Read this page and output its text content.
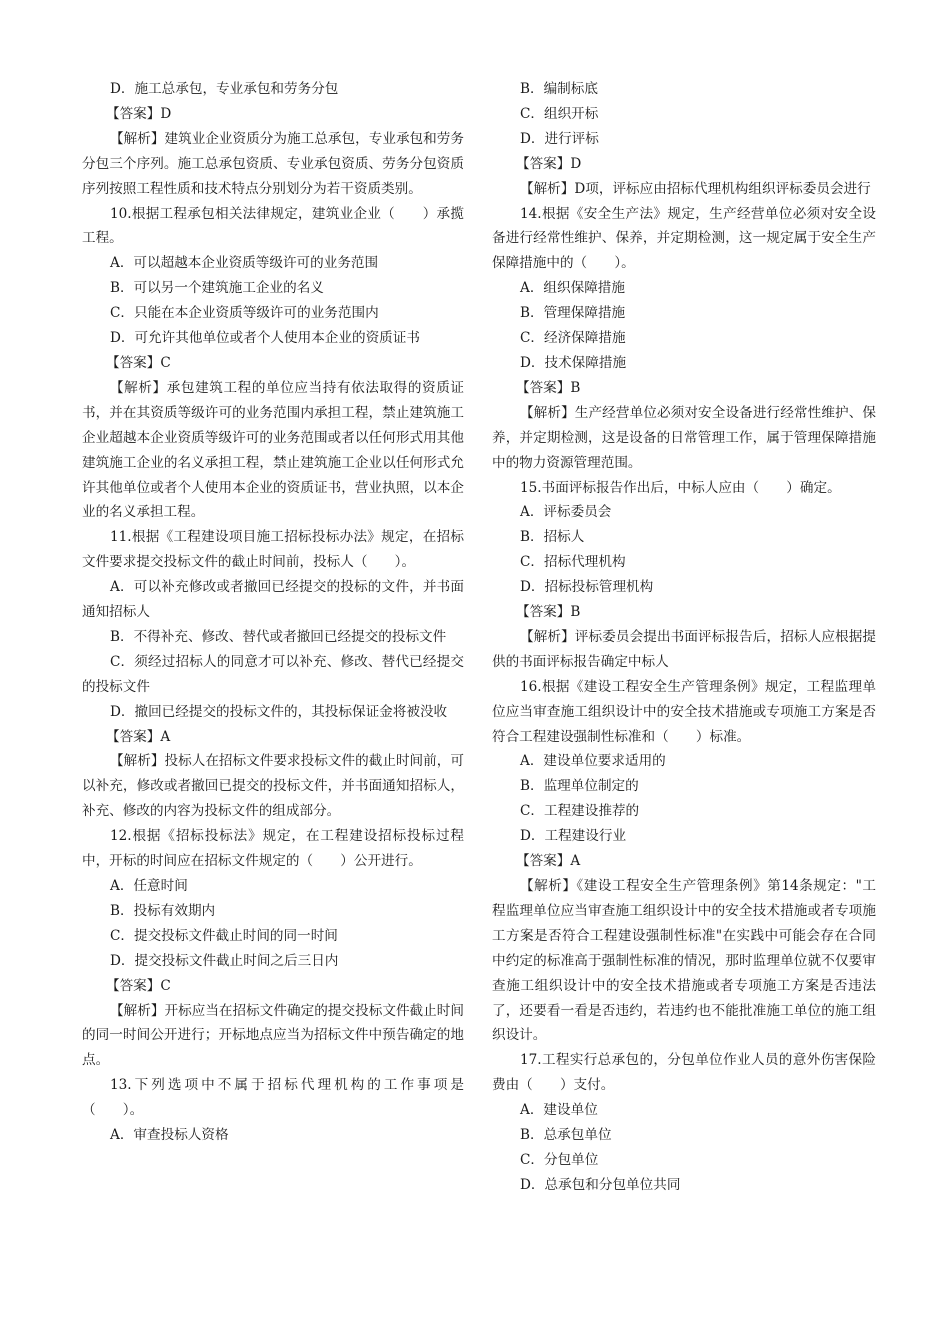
D．施工总承包，专业承包和劳务分包
【答案】D
【解析】建筑业企业资质分为施工总承包，专业承包和劳务分包三个序列。施工总承包资质、专业承包资质、劳务分包资质序列按照工程性质和技术特点分别划分为若干资质类别。
10.根据工程承包相关法律规定，建筑业企业（　　）承揽工程。
A．可以超越本企业资质等级许可的业务范围
B．可以另一个建筑施工企业的名义
C．只能在本企业资质等级许可的业务范围内
D．可允许其他单位或者个人使用本企业的资质证书
【答案】C
【解析】承包建筑工程的单位应当持有依法取得的资质证书，并在其资质等级许可的业务范围内承担工程，禁止建筑施工企业超越本企业资质等级许可的业务范围或者以任何形式用其他建筑施工企业的名义承担工程，禁止建筑施工企业以任何形式允许其他单位或者个人使用本企业的资质证书，营业执照，以本企业的名义承担工程。
11.根据《工程建设项目施工招标投标办法》规定，在招标文件要求提交投标文件的截止时间前，投标人（　　）。
A．可以补充修改或者撤回已经提交的投标的文件，并书面通知招标人
B．不得补充、修改、替代或者撤回已经提交的投标文件
C．须经过招标人的同意才可以补充、修改、替代已经提交的投标文件
D．撤回已经提交的投标文件的，其投标保证金将被没收
【答案】A
【解析】投标人在招标文件要求投标文件的截止时间前，可以补充，修改或者撤回已提交的投标文件，并书面通知招标人，补充、修改的内容为投标文件的组成部分。
12.根据《招标投标法》规定，在工程建设招标投标过程中，开标的时间应在招标文件规定的（　　）公开进行。
A．任意时间
B．投标有效期内
C．提交投标文件截止时间的同一时间
D．提交投标文件截止时间之后三日内
【答案】C
【解析】开标应当在招标文件确定的提交投标文件截止时间的同一时间公开进行；开标地点应当为招标文件中预告确定的地点。
13.下列选项中不属于招标代理机构的工作事项是（　　）。
A．审查投标人资格
B．编制标底
C．组织开标
D．进行评标
【答案】D
【解析】D项，评标应由招标代理机构组织评标委员会进行
14.根据《安全生产法》规定，生产经营单位必须对安全设备进行经常性维护、保养，并定期检测，这一规定属于安全生产保障措施中的（　　）。
A．组织保障措施
B．管理保障措施
C．经济保障措施
D．技术保障措施
【答案】B
【解析】生产经营单位必须对安全设备进行经常性维护、保养，并定期检测，这是设备的日常管理工作，属于管理保障措施中的物力资源管理范围。
15.书面评标报告作出后，中标人应由（　　）确定。
A．评标委员会
B．招标人
C．招标代理机构
D．招标投标管理机构
【答案】B
【解析】评标委员会提出书面评标报告后，招标人应根据提供的书面评标报告确定中标人
16.根据《建设工程安全生产管理条例》规定，工程监理单位应当审查施工组织设计中的安全技术措施或专项施工方案是否符合工程建设强制性标准和（　　）标准。
A．建设单位要求适用的
B．监理单位制定的
C．工程建设推荐的
D．工程建设行业
【答案】A
【解析】《建设工程安全生产管理条例》第14条规定："工程监理单位应当审查施工组织设计中的安全技术措施或者专项施工方案是否符合工程建设强制性标准"在实践中可能会存在合同中约定的标准高于强制性标准的情况，那时监理单位就不仅要审查施工组织设计中的安全技术措施或者专项施工方案是否违法了，还要看一看是否违约，若违约也不能批准施工单位的施工组织设计。
17.工程实行总承包的，分包单位作业人员的意外伤害保险费由（　　）支付。
A．建设单位
B．总承包单位
C．分包单位
D．总承包和分包单位共同
